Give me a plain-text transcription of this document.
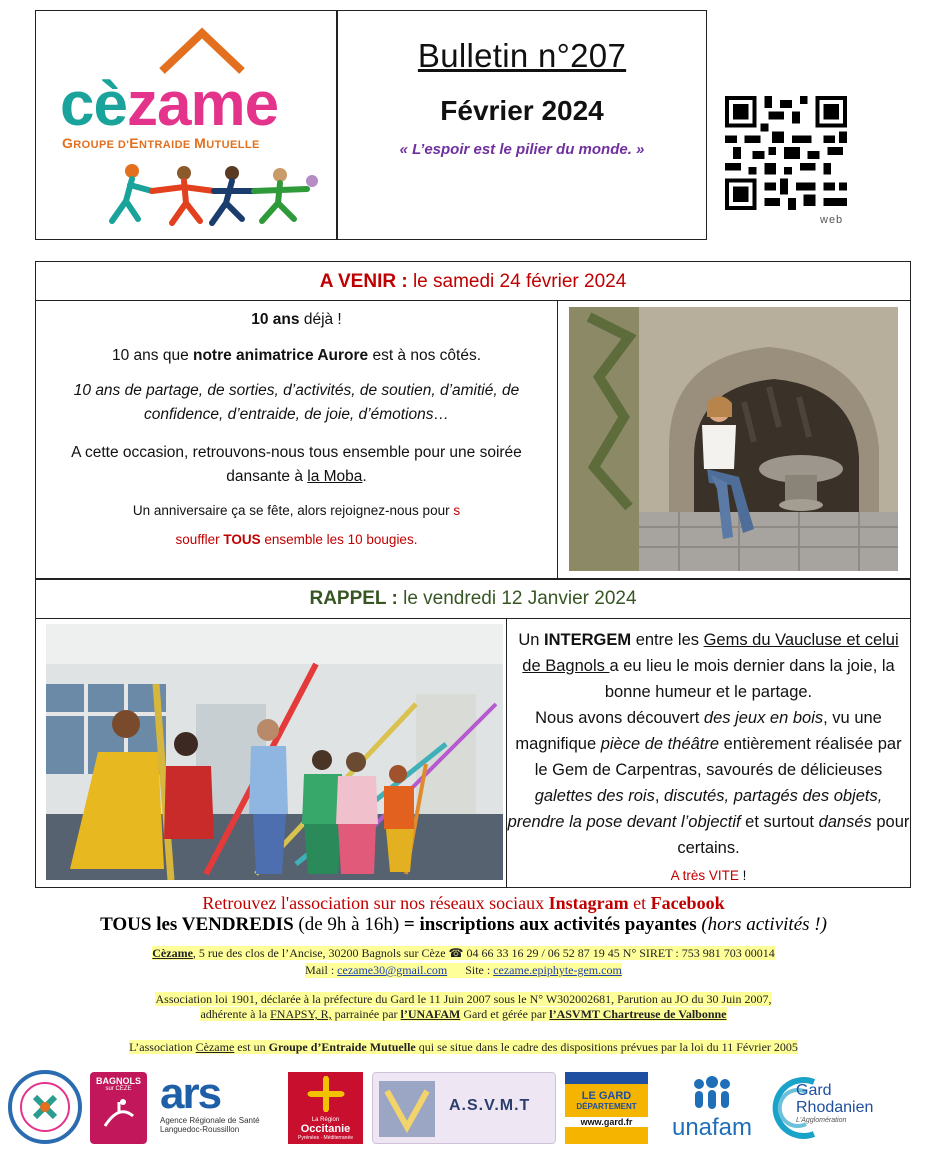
cèzame
GROUPE D'ENTRAIDE MUTUELLE
Bulletin n°207
Février 2024
« L’espoir est le pilier du monde. »
web
A VENIR : le samedi 24 février 2024

10 ans déjà !

10 ans que notre animatrice Aurore est à nos côtés.

10 ans de partage, de sorties, d’activités, de soutien, d’amitié, de confidence, d’entraide, de joie, d’émotions…

A cette occasion, retrouvons-nous tous ensemble pour une soirée dansante à la Moba.

Un anniversaire ça se fête, alors rejoignez-nous pour s

souffler TOUS ensemble les 10 bougies.

RAPPEL : le vendredi 12 Janvier 2024
Un INTERGEM entre les Gems du Vaucluse et celui de Bagnols a eu lieu le mois dernier dans la joie, la bonne humeur et le partage.
Nous avons découvert des jeux en bois, vu une magnifique pièce de théâtre entièrement réalisée par le Gem de Carpentras, savourés de délicieuses galettes des rois, discutés, partagés des objets, prendre la pose devant l’objectif et surtout dansés pour certains.
A très VITE !
Retrouvez l'association sur nos réseaux sociaux Instagram et Facebook
TOUS les VENDREDIS (de 9h à 16h) = inscriptions aux activités payantes (hors activités !)
Cèzame, 5 rue des clos de l’Ancise, 30200 Bagnols sur Cèze ☎ 04 66 33 16 29 / 06 52 87 19 45 N° SIRET : 753 981 703 00014
Mail : cezame30@gmail.com Site : cezame.epiphyte-gem.com
Association loi 1901, déclarée à la préfecture du Gard le 11 Juin 2007 sous le N° W302002681, Parution au JO du 30 Juin 2007,
adhérente à la FNAPSY, R, parrainée par l’UNAFAM Gard et gérée par l’ASVMT Chartreuse de Valbonne
L’association Cèzame est un Groupe d’Entraide Mutuelle qui se situe dans le cadre des dispositions prévues par la loi du 11 Février 2005
BAGNOLS
sur CÈZE ars
Agence Régionale de Santé Languedoc-Roussillon
La Région
Occitanie
Pyrénées · Méditerranée
A.S.V.M.T
LE GARD
DÉPARTEMENT
www.gard.fr	unafam
Gard
Rhodanien
L'Agglomération
